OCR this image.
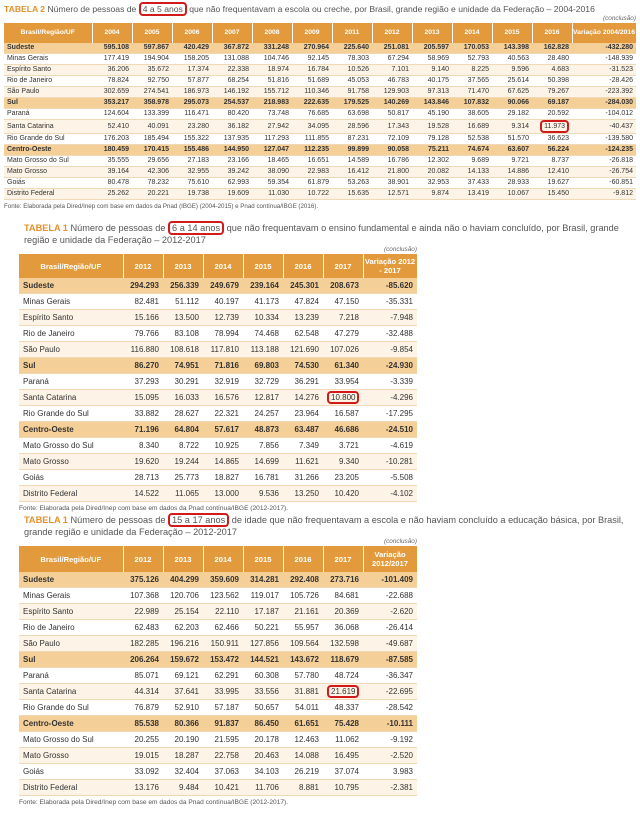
TABELA 2 Número de pessoas de 4 a 5 anos que não frequentavam a escola ou creche, por Brasil, grande região e unidade da Federação – 2004-2016
(conclusão)
Brasil/Região/UF	2004	2005	2006	2007	2008	2009	2011	2012	2013	2014	2015	2016	Variação 2004/2016
Sudeste	595.108	597.867	420.429	367.872	331.248	270.964	225.640	251.081	205.597	170.053	143.398	162.828	-432.280
Minas Gerais	177.419	194.904	158.205	131.088	104.746	92.145	78.303	67.294	58.969	52.793	40.563	28.480	-148.939
Espírito Santo	36.206	35.672	17.374	22.338	18.974	16.784	10.526	7.101	9.140	8.225	9.596	4.683	-31.523
Rio de Janeiro	78.824	92.750	57.877	68.254	51.816	51.689	45.053	46.783	40.175	37.565	25.614	50.398	-28.426
São Paulo	302.659	274.541	186.973	146.192	155.712	110.346	91.758	129.903	97.313	71.470	67.625	79.267	-223.392
Sul	353.217	358.978	295.073	254.537	218.983	222.635	179.525	140.269	143.846	107.832	90.066	69.187	-284.030
Paraná	124.604	133.399	116.471	80.420	73.748	76.685	63.698	50.817	45.190	38.605	29.182	20.592	-104.012
Santa Catarina	52.410	40.091	23.280	36.182	27.942	34.095	28.596	17.343	19.528	16.689	9.314	11.973	-40.437
Rio Grande do Sul	176.203	185.494	155.322	137.935	117.293	111.855	87.231	72.109	79.128	52.538	51.570	36.623	-139.580
Centro-Oeste	180.459	170.415	155.486	144.950	127.047	112.235	99.899	90.058	75.211	74.674	63.607	56.224	-124.235
Mato Grosso do Sul	35.555	29.656	27.183	23.166	18.465	16.651	14.589	16.786	12.302	9.689	9.721	8.737	-26.818
Mato Grosso	39.164	42.306	32.955	39.242	38.090	22.983	16.412	21.800	20.082	14.133	14.886	12.410	-26.754
Goiás	80.478	78.232	75.610	62.993	59.354	61.879	53.263	38.901	32.953	37.433	28.933	19.627	-60.851
Distrito Federal	25.262	20.221	19.738	19.609	11.030	10.722	15.635	12.571	9.874	13.419	10.067	15.450	-9.812
Fonte: Elaborada pela Dired/Inep com base em dados da Pnad (IBGE) (2004-2015) e Pnad contínua/IBGE (2016).
TABELA 1 Número de pessoas de 6 a 14 anos que não frequentavam o ensino fundamental e ainda não o haviam concluído, por Brasil, grande região e unidade da Federação – 2012-2017
(conclusão)
Brasil/Região/UF	2012	2013	2014	2015	2016	2017	Variação 2012 - 2017
Sudeste	294.293	256.339	249.679	239.164	245.301	208.673	-85.620
Minas Gerais	82.481	51.112	40.197	41.173	47.824	47.150	-35.331
Espírito Santo	15.166	13.500	12.739	10.334	13.239	7.218	-7.948
Rio de Janeiro	79.766	83.108	78.994	74.468	62.548	47.279	-32.488
São Paulo	116.880	108.618	117.810	113.188	121.690	107.026	-9.854
Sul	86.270	74.951	71.816	69.803	74.530	61.340	-24.930
Paraná	37.293	30.291	32.919	32.729	36.291	33.954	-3.339
Santa Catarina	15.095	16.033	16.576	12.817	14.276	10.800	-4.296
Rio Grande do Sul	33.882	28.627	22.321	24.257	23.964	16.587	-17.295
Centro-Oeste	71.196	64.804	57.617	48.873	63.487	46.686	-24.510
Mato Grosso do Sul	8.340	8.722	10.925	7.856	7.349	3.721	-4.619
Mato Grosso	19.620	19.244	14.865	14.699	11.621	9.340	-10.281
Goiás	28.713	25.773	18.827	16.781	31.266	23.205	-5.508
Distrito Federal	14.522	11.065	13.000	9.536	13.250	10.420	-4.102
Fonte: Elaborada pela Dired/Inep com base em dados da Pnad contínua/IBGE (2012-2017).
TABELA 1 Número de pessoas de 15 a 17 anos de idade que não frequentavam a escola e não haviam concluído a educação básica, por Brasil, grande região e unidade da Federação – 2012-2017
(conclusão)
Brasil/Região/UF	2012	2013	2014	2015	2016	2017	Variação 2012/2017
Sudeste	375.126	404.299	359.609	314.281	292.408	273.716	-101.409
Minas Gerais	107.368	120.706	123.562	119.017	105.726	84.681	-22.688
Espírito Santo	22.989	25.154	22.110	17.187	21.161	20.369	-2.620
Rio de Janeiro	62.483	62.203	62.466	50.221	55.957	36.068	-26.414
São Paulo	182.285	196.216	150.911	127.856	109.564	132.598	-49.687
Sul	206.264	159.672	153.472	144.521	143.672	118.679	-87.585
Paraná	85.071	69.121	62.291	60.308	57.780	48.724	-36.347
Santa Catarina	44.314	37.641	33.995	33.556	31.881	21.619	-22.695
Rio Grande do Sul	76.879	52.910	57.187	50.657	54.011	48.337	-28.542
Centro-Oeste	85.538	80.366	91.837	86.450	61.651	75.428	-10.111
Mato Grosso do Sul	20.255	20.190	21.595	20.178	12.463	11.062	-9.192
Mato Grosso	19.015	18.287	22.758	20.463	14.088	16.495	-2.520
Goiás	33.092	32.404	37.063	34.103	26.219	37.074	3.983
Distrito Federal	13.176	9.484	10.421	11.706	8.881	10.795	-2.381
Fonte: Elaborada pela Dired/Inep com base em dados da Pnad contínua/IBGE (2012-2017).
